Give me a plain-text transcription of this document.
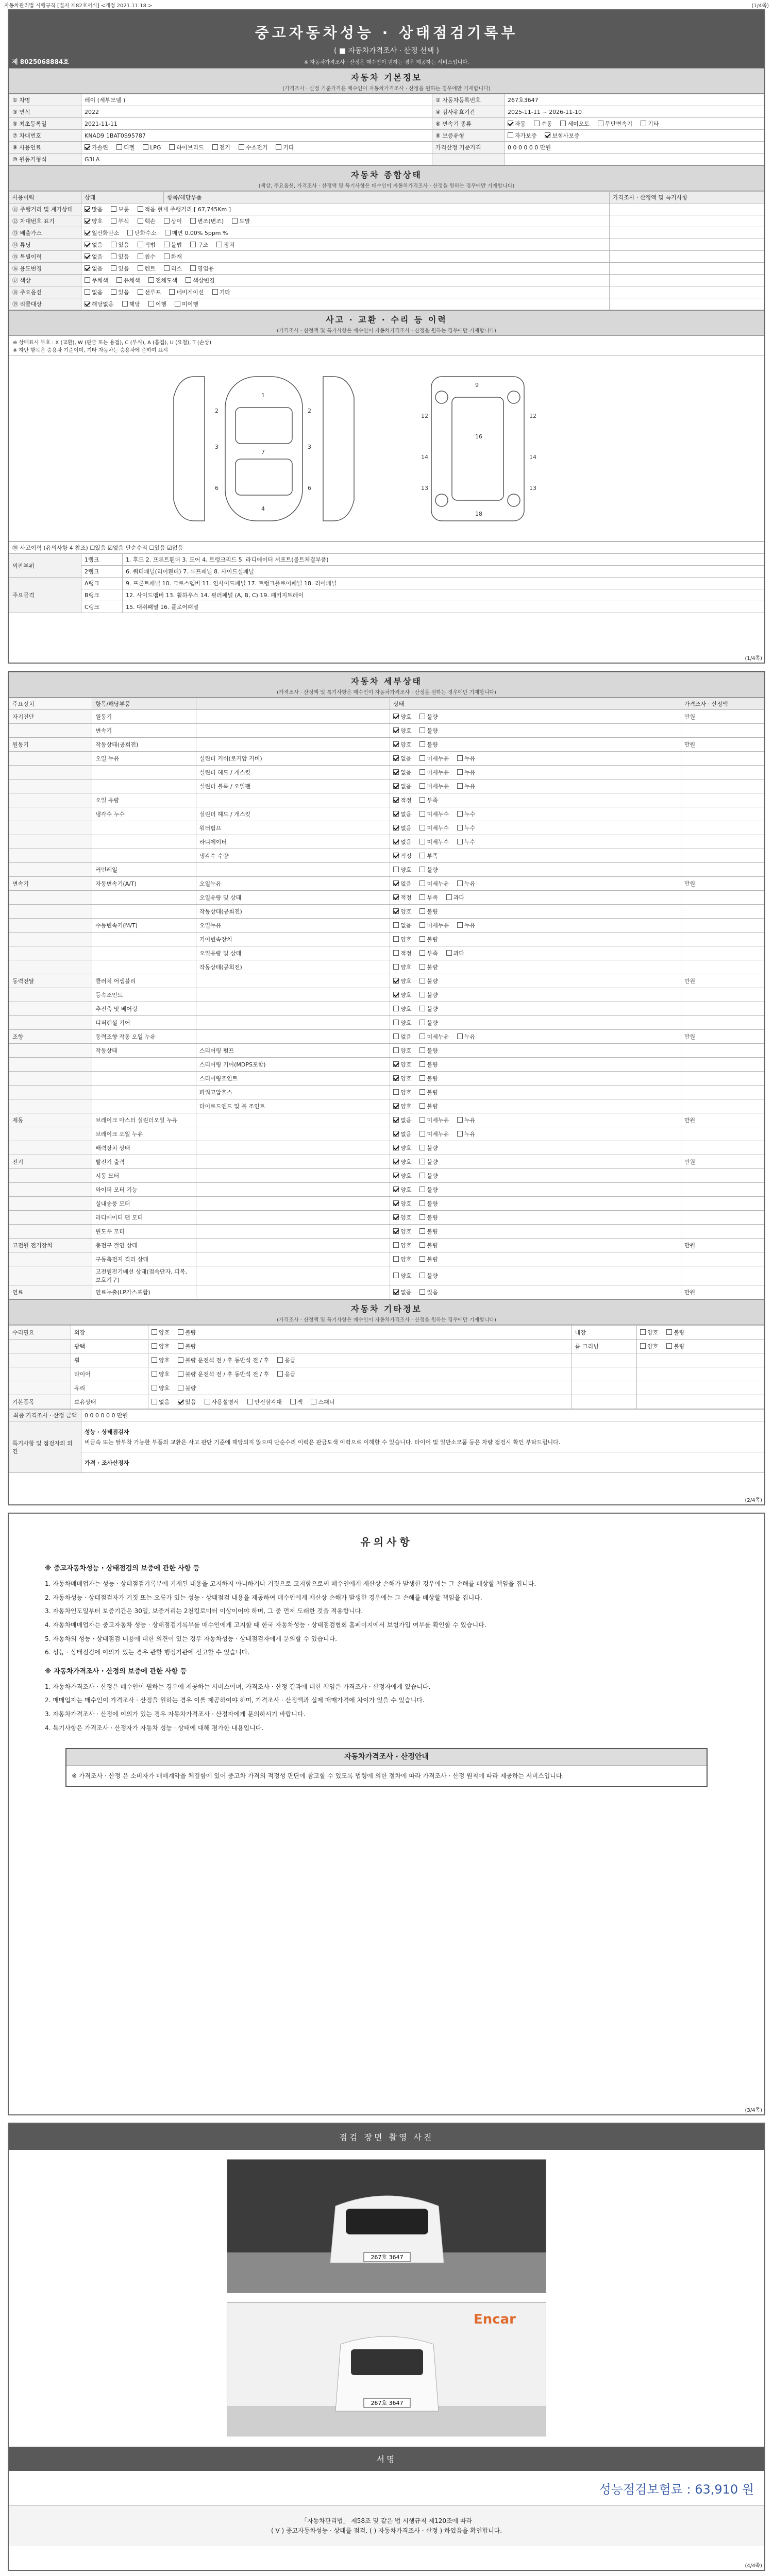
자동차관리법 시행규칙 [별지 제82호서식] <개정 2021.11.18.>	(1/4쪽)
중고자동차성능 · 상태점검기록부
( ■ 자동차가격조사 · 산정 선택 )
※ 자동차가격조사 · 산정은 매수인이 원하는 경우 제공하는 서비스입니다.
제 8025068884호
자동차 기본정보
(가격조사 · 산정 기준가격은 매수인이 자동차가격조사 · 산정을 원하는 경우에만 기재합니다)
① 차명	레이 (세부모델 )	② 자동차등록번호	267호3647
③ 연식	2022	④ 검사유효기간	2025-11-11 ~ 2026-11-10
⑤ 최초등록일	2021-11-11	⑥ 변속기 종류	자동 수동 세미오토 무단변속기 기타
⑦ 차대번호	KNAD9 1BAT0S95787	⑧ 보증유형	자가보증 보험사보증
⑨ 사용연료	가솔린 디젤 LPG 하이브리드 전기 수소전기 기타	가격산정 기준가격	0 0 0 0 0 0 만원
⑩ 원동기형식	G3LA		
자동차 종합상태
(색상, 주요옵션, 가격조사 · 산정액 및 특기사항은 매수인이 자동차가격조사 · 산정을 원하는 경우에만 기재합니다)
사용이력	상태	항목/해당부품	가격조사 · 산정액 및 특기사항
⑪ 주행거리 및 계기상태	많음 보통 적음 현재 주행거리 [ 67,745Km ]		
⑫ 차대번호 표기	양호 부식 훼손 상이 변조(변조) 도말		
⑬ 배출가스	일산화탄소 탄화수소 매연 0.00% 5ppm %		
⑭ 튜닝	없음 있음 적법 불법 구조 장치		
⑮ 특별이력	없음 있음 침수 화재		
⑯ 용도변경	없음 있음 렌트 리스 영업용		
⑰ 색상	무채색 유채색 전체도색 색상변경		
⑱ 주요옵션	없음 있음 선루프 네비게이션 기타		
⑲ 리콜대상	해당없음 해당 이행 미이행		
사고 · 교환 · 수리 등 이력
(가격조사 · 산정액 및 특기사항은 매수인이 자동차가격조사 · 산정을 원하는 경우에만 기재합니다)
※ 상태표시 부호 : X (교환), W (판금 또는 용접), C (부식), A (흠집), U (요철), T (손상)
※ 하단 항목은 승용차 기준이며, 기타 자동차는 승용차에 준하여 표시
1
2	2
3	3
7
6	6
4
9
16
18
12	12
14	14
13	13
⑳ 사고이력 (유의사항 4 참조) ☐있음 ☑없음 단순수리 ☐있음 ☑없음		
외판부위	1랭크	1. 후드 2. 프론트휀더 3. 도어 4. 트렁크리드 5. 라디에이터 서포트(볼트체결부품)
	2랭크	6. 쿼터패널(리어휀더) 7. 루프패널 8. 사이드실패널
주요골격	A랭크	9. 프론트패널 10. 크로스멤버 11. 인사이드패널 17. 트렁크플로어패널 18. 리어패널
	B랭크	12. 사이드멤버 13. 휠하우스 14. 필러패널 (A, B, C) 19. 패키지트레이
	C랭크	15. 대쉬패널 16. 플로어패널
(1/4쪽)
자동차 세부상태
(가격조사 · 산정액 및 특기사항은 매수인이 자동차가격조사 · 산정을 원하는 경우에만 기재합니다)
주요장치	항목/해당부품		상태	가격조사 · 산정액
자기진단	원동기		양호 불량	만원
	변속기		양호 불량	
원동기	작동상태(공회전)		양호 불량	만원
	오일 누유	실린더 커버(로커암 커버)	없음 미세누유 누유	
		실린더 헤드 / 개스킷	없음 미세누유 누유	
		실린더 블록 / 오일팬	없음 미세누유 누유	
	오일 유량		적정 부족	
	냉각수 누수	실린더 헤드 / 개스킷	없음 미세누수 누수	
		워터펌프	없음 미세누수 누수	
		라디에이터	없음 미세누수 누수	
		냉각수 수량	적정 부족	
	커먼레일		양호 불량	
변속기	자동변속기(A/T)	오일누유	없음 미세누유 누유	만원
		오일유량 및 상태	적정 부족 과다	
		작동상태(공회전)	양호 불량	
	수동변속기(M/T)	오일누유	없음 미세누유 누유	
		기어변속장치	양호 불량	
		오일유량 및 상태	적정 부족 과다	
		작동상태(공회전)	양호 불량	
동력전달	클러치 어셈블리		양호 불량	만원
	등속조인트		양호 불량	
	추진축 및 베어링		양호 불량	
	디퍼렌셜 기어		양호 불량	
조향	동력조향 작동 오일 누유		없음 미세누유 누유	만원
	작동상태	스티어링 펌프	양호 불량	
		스티어링 기어(MDPS포함)	양호 불량	
		스티어링조인트	양호 불량	
		파워고압호스	양호 불량	
		타이로드엔드 및 볼 조인트	양호 불량	
제동	브레이크 마스터 실린더오일 누유		없음 미세누유 누유	만원
	브레이크 오일 누유		없음 미세누유 누유	
	배력장치 상태		양호 불량	
전기	발전기 출력		양호 불량	만원
	시동 모터		양호 불량	
	와이퍼 모터 기능		양호 불량	
	실내송풍 모터		양호 불량	
	라디에이터 팬 모터		양호 불량	
	윈도우 모터		양호 불량	
고전원 전기장치	충전구 절연 상태		양호 불량	만원
	구동축전지 격리 상태		양호 불량	
	고전원전기배선 상태(접속단자, 피복, 보호기구)		양호 불량	
연료	연료누출(LP가스포함)		없음 있음	만원
자동차 기타정보
(가격조사 · 산정액 및 특기사항은 매수인이 자동차가격조사 · 산정을 원하는 경우에만 기재합니다)
수리필요	외장	양호 불량	내장	양호 불량
	광택	양호 불량	룸 크리닝	양호 불량
	휠	양호 불량 운전석 전 / 후 동반석 전 / 후 응급		
	타이어	양호 불량 운전석 전 / 후 동반석 전 / 후 응급		
	유리	양호 불량		
기본품목	보유상태	없음 있음 사용설명서 안전삼각대 잭 스패너		
최종 가격조사 · 산정 금액	0 0 0 0 0 0 만원
특기사항 및 점검자의 의견	성능 · 상태점검자
비금속 또는 탈부착 가능한 부품의 교환은 사고 판단 기준에 해당되지 않으며 단순수리 이력은 판금도색 이력으로 이해할 수 있습니다. 타이어 및 일반소모품 등은 차량 점검시 확인 부탁드립니다.

	가격 · 조사산정자
(2/4쪽)
유의사항
※ 중고자동차성능 · 상태점검의 보증에 관한 사항 등

1. 자동차매매업자는 성능 · 상태점검기록부에 기재된 내용을 고지하지 아니하거나 거짓으로 고지함으로써 매수인에게 재산상 손해가 발생한 경우에는 그 손해를 배상할 책임을 집니다.

2. 자동차성능 · 상태점검자가 거짓 또는 오류가 있는 성능 · 상태점검 내용을 제공하여 매수인에게 재산상 손해가 발생한 경우에는 그 손해를 배상할 책임을 집니다.

3. 자동차인도일부터 보증기간은 30일, 보증거리는 2천킬로미터 이상이어야 하며, 그 중 먼저 도래한 것을 적용합니다.

4. 자동차매매업자는 중고자동차 성능 · 상태점검기록부를 매수인에게 고지할 때 한국 자동차성능 · 상태점검협회 홈페이지에서 보험가입 여부를 확인할 수 있습니다.

5. 자동차의 성능 · 상태점검 내용에 대한 의견이 있는 경우 자동차성능 · 상태점검자에게 문의할 수 있습니다.

6. 성능 · 상태점검에 이의가 있는 경우 관할 행정기관에 신고할 수 있습니다.

※ 자동차가격조사 · 산정의 보증에 관한 사항 등

1. 자동차가격조사 · 산정은 매수인이 원하는 경우에 제공하는 서비스이며, 가격조사 · 산정 결과에 대한 책임은 가격조사 · 산정자에게 있습니다.

2. 매매업자는 매수인이 가격조사 · 산정을 원하는 경우 이를 제공하여야 하며, 가격조사 · 산정액과 실제 매매가격에 차이가 있을 수 있습니다.

3. 자동차가격조사 · 산정에 이의가 있는 경우 자동차가격조사 · 산정자에게 문의하시기 바랍니다.

4. 특기사항은 가격조사 · 산정자가 자동차 성능 · 상태에 대해 평가한 내용입니다.

자동차가격조사 · 산정안내
※ 가격조사 · 산정 은 소비자가 매매계약을 체결함에 있어 중고차 가격의 적정성 판단에 참고할 수 있도록 법령에 의한 절차에 따라 가격조사 · 산정 원칙에 따라 제공하는 서비스입니다.
(3/4쪽)
점검 장면 촬영 사진
267호 3647
267호 3647
Encar
서명
성능점검보험료 : 63,910 원
「자동차관리법」 제58조 및 같은 법 시행규칙 제120조에 따라
( V ) 중고자동차성능 · 상태를 점검, ( ) 자동차가격조사 · 산정 ) 하였음을 확인합니다.
(4/4쪽)
